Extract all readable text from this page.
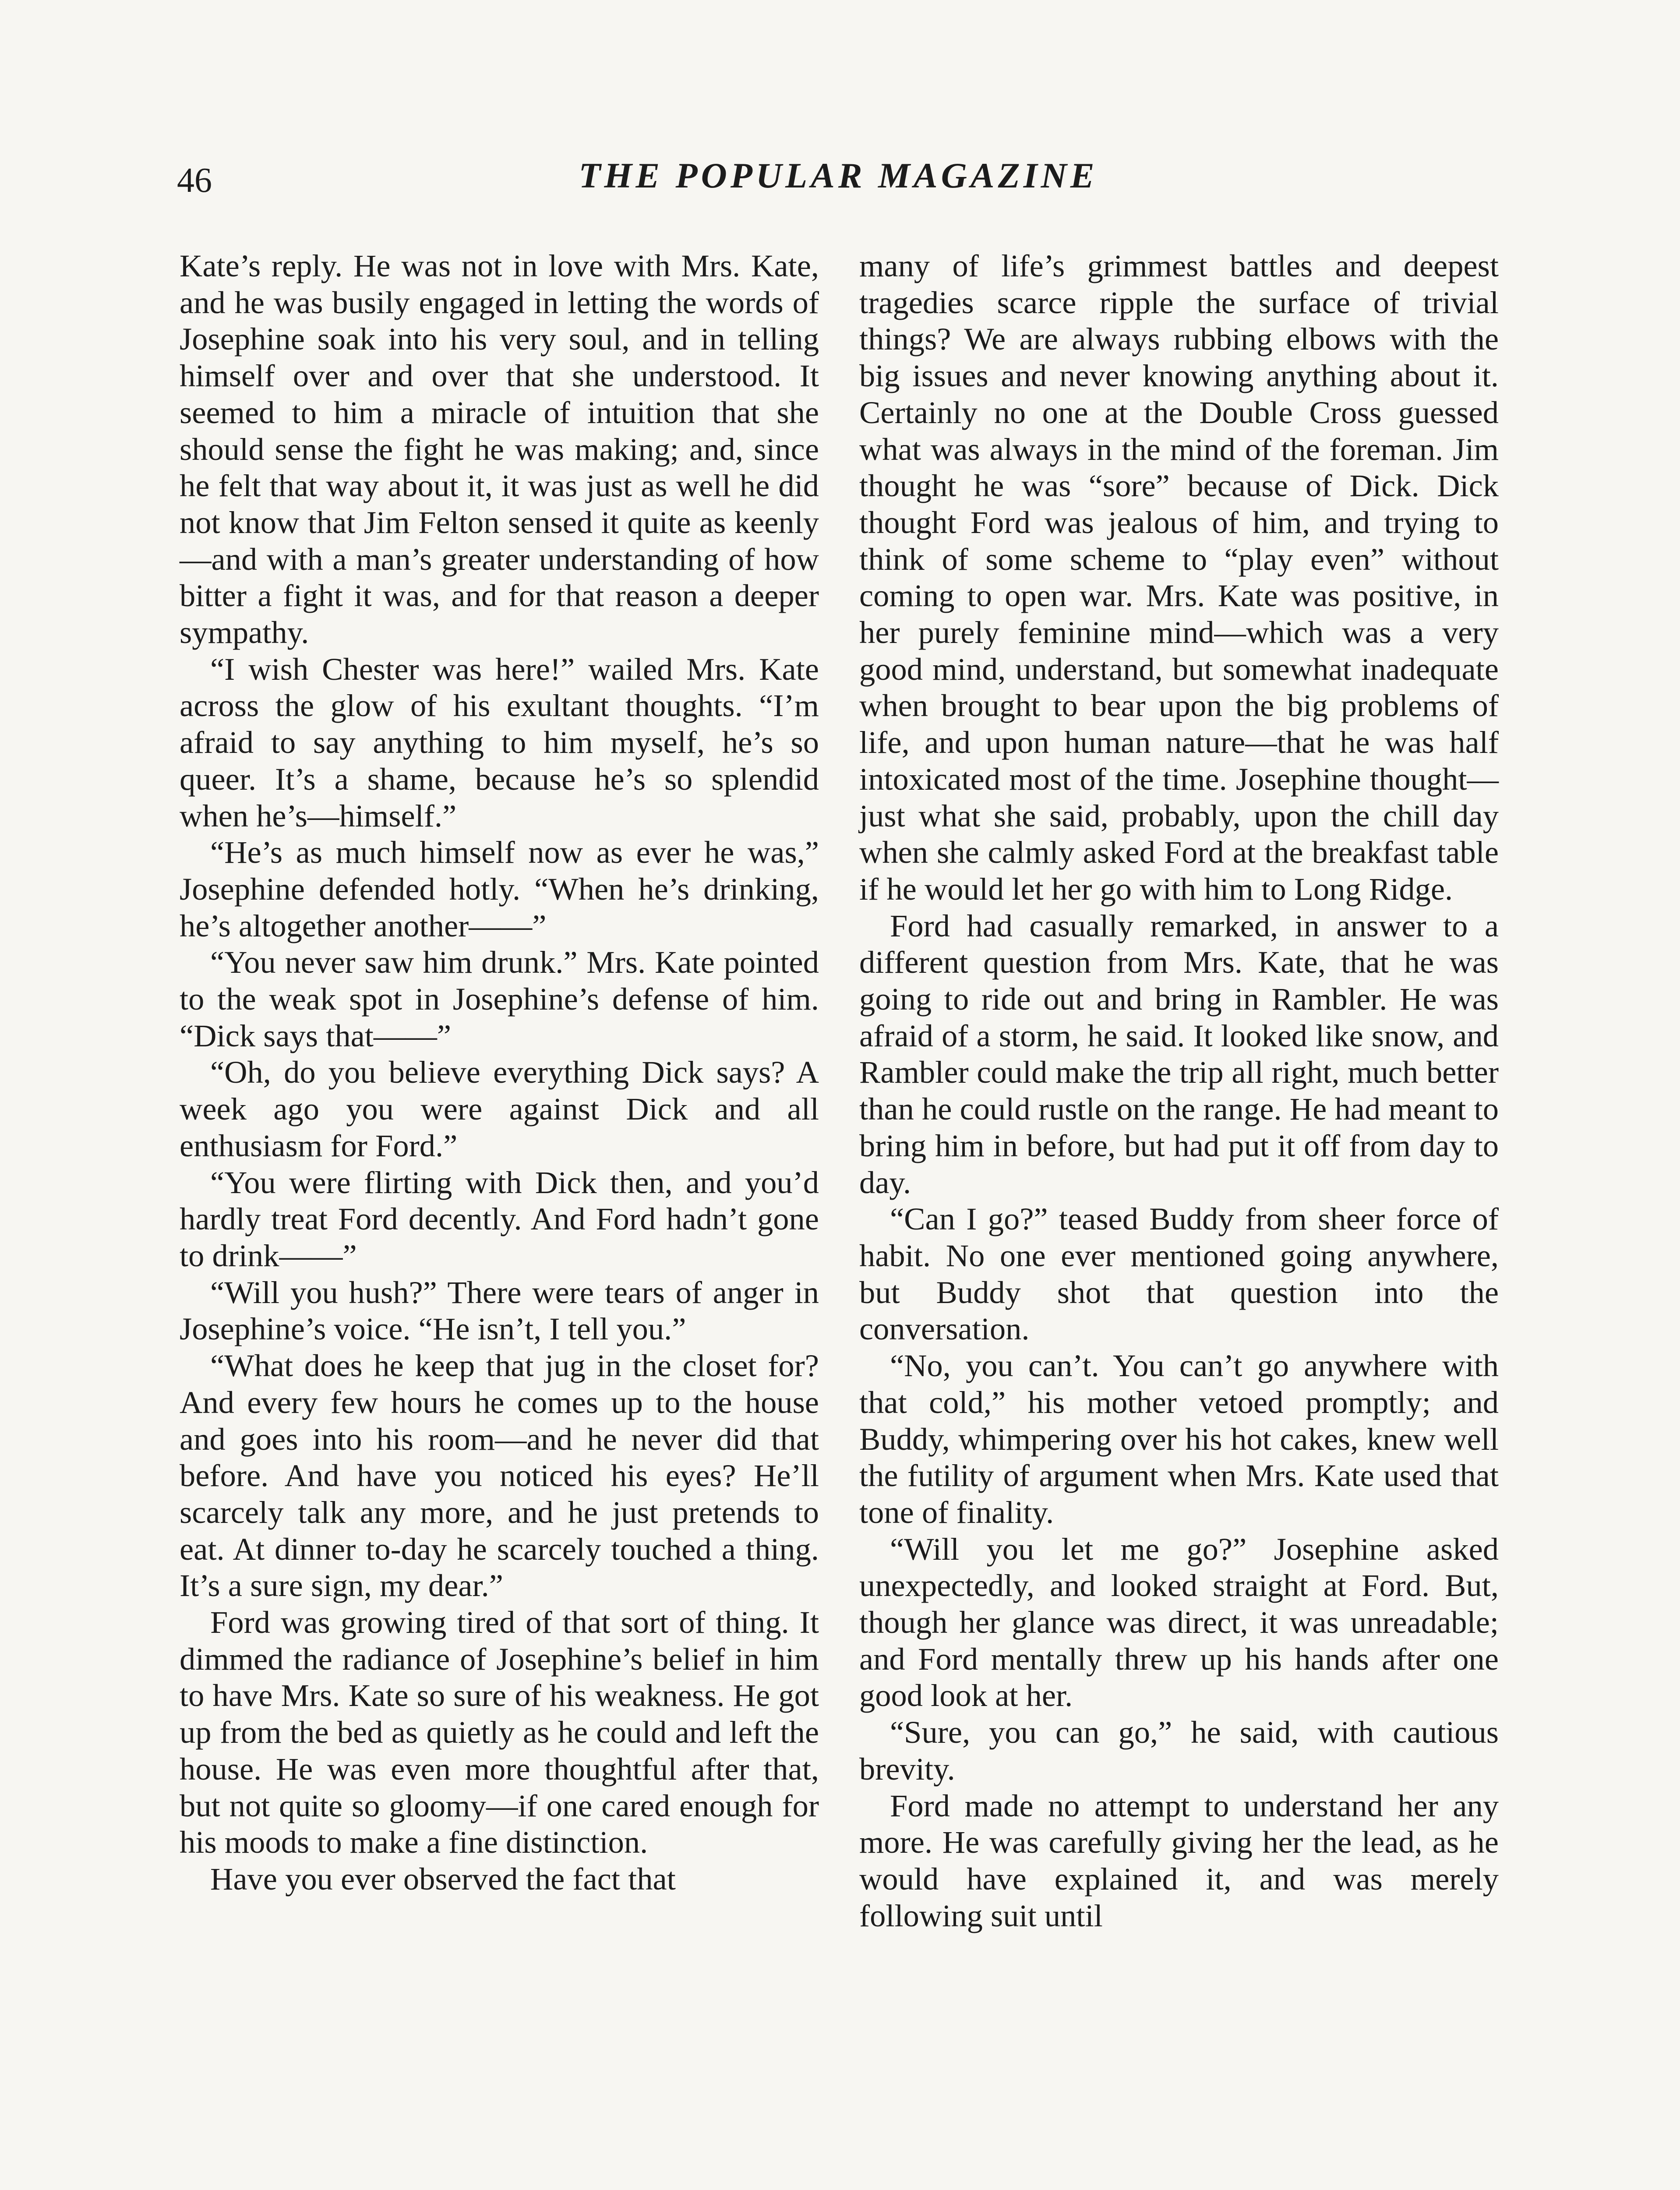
46	THE POPULAR MAGAZINE

Kate’s reply. He was not in love with Mrs. Kate, and he was busily engaged in letting the words of Josephine soak into his very soul, and in telling himself over and over that she understood. It seemed to him a miracle of intuition that she should sense the fight he was making; and, since he felt that way about it, it was just as well he did not know that Jim Felton sensed it quite as keenly—and with a man’s greater understanding of how bitter a fight it was, and for that reason a deeper sympathy.

“I wish Chester was here!” wailed Mrs. Kate across the glow of his exultant thoughts. “I’m afraid to say anything to him myself, he’s so queer. It’s a shame, because he’s so splendid when he’s—himself.”

“He’s as much himself now as ever he was,” Josephine defended hotly. “When he’s drinking, he’s altogether another——”

“You never saw him drunk.” Mrs. Kate pointed to the weak spot in Josephine’s defense of him. “Dick says that——”

“Oh, do you believe everything Dick says? A week ago you were against Dick and all enthusiasm for Ford.”

“You were flirting with Dick then, and you’d hardly treat Ford decently. And Ford hadn’t gone to drink——”

“Will you hush?” There were tears of anger in Josephine’s voice. “He isn’t, I tell you.”

“What does he keep that jug in the closet for? And every few hours he comes up to the house and goes into his room—and he never did that before. And have you noticed his eyes? He’ll scarcely talk any more, and he just pretends to eat. At dinner to-day he scarcely touched a thing. It’s a sure sign, my dear.”

Ford was growing tired of that sort of thing. It dimmed the radiance of Josephine’s belief in him to have Mrs. Kate so sure of his weakness. He got up from the bed as quietly as he could and left the house. He was even more thoughtful after that, but not quite so gloomy—if one cared enough for his moods to make a fine distinction.

Have you ever observed the fact that

many of life’s grimmest battles and deepest tragedies scarce ripple the surface of trivial things? We are always rubbing elbows with the big issues and never knowing anything about it. Certainly no one at the Double Cross guessed what was always in the mind of the foreman. Jim thought he was “sore” because of Dick. Dick thought Ford was jealous of him, and trying to think of some scheme to “play even” without coming to open war. Mrs. Kate was positive, in her purely feminine mind—which was a very good mind, understand, but somewhat inadequate when brought to bear upon the big problems of life, and upon human nature—that he was half intoxicated most of the time. Josephine thought—just what she said, probably, upon the chill day when she calmly asked Ford at the breakfast table if he would let her go with him to Long Ridge.

Ford had casually remarked, in answer to a different question from Mrs. Kate, that he was going to ride out and bring in Rambler. He was afraid of a storm, he said. It looked like snow, and Rambler could make the trip all right, much better than he could rustle on the range. He had meant to bring him in before, but had put it off from day to day.

“Can I go?” teased Buddy from sheer force of habit. No one ever mentioned going anywhere, but Buddy shot that question into the conversation.

“No, you can’t. You can’t go anywhere with that cold,” his mother vetoed promptly; and Buddy, whimpering over his hot cakes, knew well the futility of argument when Mrs. Kate used that tone of finality.

“Will you let me go?” Josephine asked unexpectedly, and looked straight at Ford. But, though her glance was direct, it was unreadable; and Ford mentally threw up his hands after one good look at her.

“Sure, you can go,” he said, with cautious brevity.

Ford made no attempt to understand her any more. He was carefully giving her the lead, as he would have explained it, and was merely following suit until
